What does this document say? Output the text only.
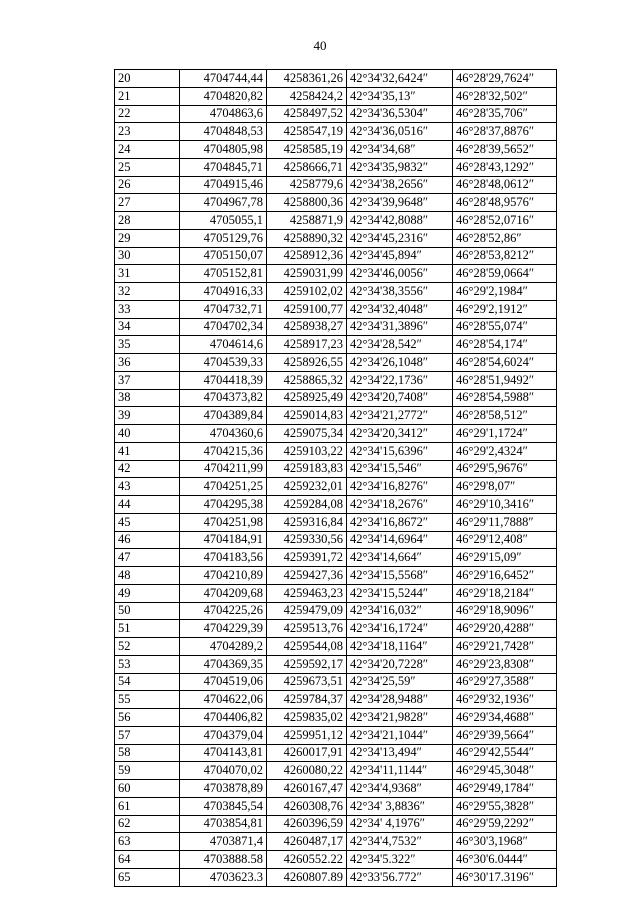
40
20	4704744,44	4258361,26	42°34'32,6424″	46°28'29,7624″
21	4704820,82	4258424,2	42°34'35,13″	46°28'32,502″
22	4704863,6	4258497,52	42°34'36,5304″	46°28'35,706″
23	4704848,53	4258547,19	42°34'36,0516″	46°28'37,8876″
24	4704805,98	4258585,19	42°34'34,68″	46°28'39,5652″
25	4704845,71	4258666,71	42°34'35,9832″	46°28'43,1292″
26	4704915,46	4258779,6	42°34'38,2656″	46°28'48,0612″
27	4704967,78	4258800,36	42°34'39,9648″	46°28'48,9576″
28	4705055,1	4258871,9	42°34'42,8088″	46°28'52,0716″
29	4705129,76	4258890,32	42°34'45,2316″	46°28'52,86″
30	4705150,07	4258912,36	42°34'45,894″	46°28'53,8212″
31	4705152,81	4259031,99	42°34'46,0056″	46°28'59,0664″
32	4704916,33	4259102,02	42°34'38,3556″	46°29'2,1984″
33	4704732,71	4259100,77	42°34'32,4048″	46°29'2,1912″
34	4704702,34	4258938,27	42°34'31,3896″	46°28'55,074″
35	4704614,6	4258917,23	42°34'28,542″	46°28'54,174″
36	4704539,33	4258926,55	42°34'26,1048″	46°28'54,6024″
37	4704418,39	4258865,32	42°34'22,1736″	46°28'51,9492″
38	4704373,82	4258925,49	42°34'20,7408″	46°28'54,5988″
39	4704389,84	4259014,83	42°34'21,2772″	46°28'58,512″
40	4704360,6	4259075,34	42°34'20,3412″	46°29'1,1724″
41	4704215,36	4259103,22	42°34'15,6396″	46°29'2,4324″
42	4704211,99	4259183,83	42°34'15,546″	46°29'5,9676″
43	4704251,25	4259232,01	42°34'16,8276″	46°29'8,07″
44	4704295,38	4259284,08	42°34'18,2676″	46°29'10,3416″
45	4704251,98	4259316,84	42°34'16,8672″	46°29'11,7888″
46	4704184,91	4259330,56	42°34'14,6964″	46°29'12,408″
47	4704183,56	4259391,72	42°34'14,664″	46°29'15,09″
48	4704210,89	4259427,36	42°34'15,5568″	46°29'16,6452″
49	4704209,68	4259463,23	42°34'15,5244″	46°29'18,2184″
50	4704225,26	4259479,09	42°34'16,032″	46°29'18,9096″
51	4704229,39	4259513,76	42°34'16,1724″	46°29'20,4288″
52	4704289,2	4259544,08	42°34'18,1164″	46°29'21,7428″
53	4704369,35	4259592,17	42°34'20,7228″	46°29'23,8308″
54	4704519,06	4259673,51	42°34'25,59″	46°29'27,3588″
55	4704622,06	4259784,37	42°34'28,9488″	46°29'32,1936″
56	4704406,82	4259835,02	42°34'21,9828″	46°29'34,4688″
57	4704379,04	4259951,12	42°34'21,1044″	46°29'39,5664″
58	4704143,81	4260017,91	42°34'13,494″	46°29'42,5544″
59	4704070,02	4260080,22	42°34'11,1144″	46°29'45,3048″
60	4703878,89	4260167,47	42°34'4,9368″	46°29'49,1784″
61	4703845,54	4260308,76	42°34' 3,8836″	46°29'55,3828″
62	4703854,81	4260396,59	42°34' 4,1976″	46°29'59,2292″
63	4703871,4	4260487,17	42°34'4,7532″	46°30'3,1968″
64	4703888.58	4260552.22	42°34'5.322″	46°30'6.0444″
65	4703623.3	4260807.89	42°33'56.772″	46°30'17.3196″
